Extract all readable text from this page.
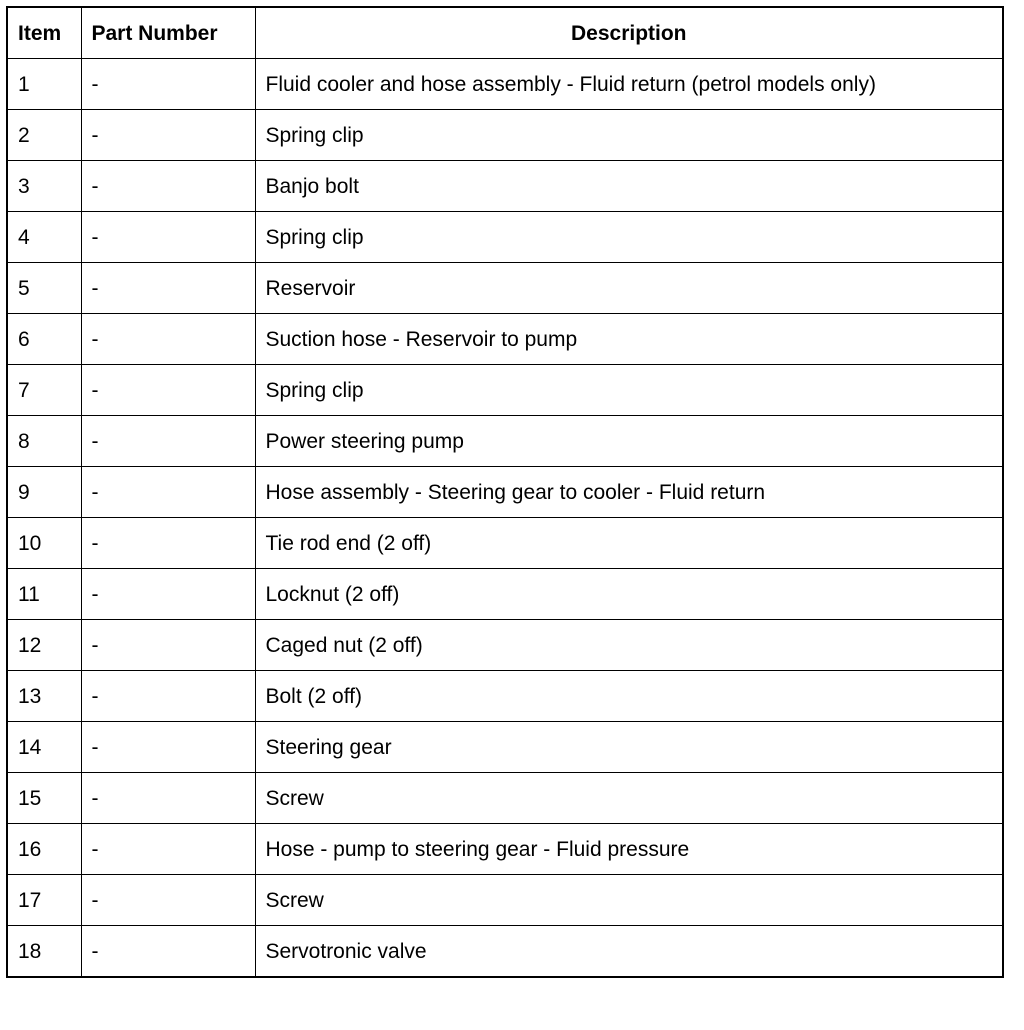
Item	Part Number	Description
1	-	Fluid cooler and hose assembly - Fluid return (petrol models only)
2	-	Spring clip
3	-	Banjo bolt
4	-	Spring clip
5	-	Reservoir
6	-	Suction hose - Reservoir to pump
7	-	Spring clip
8	-	Power steering pump
9	-	Hose assembly - Steering gear to cooler - Fluid return
10	-	Tie rod end (2 off)
11	-	Locknut (2 off)
12	-	Caged nut (2 off)
13	-	Bolt (2 off)
14	-	Steering gear
15	-	Screw
16	-	Hose - pump to steering gear - Fluid pressure
17	-	Screw
18	-	Servotronic valve
